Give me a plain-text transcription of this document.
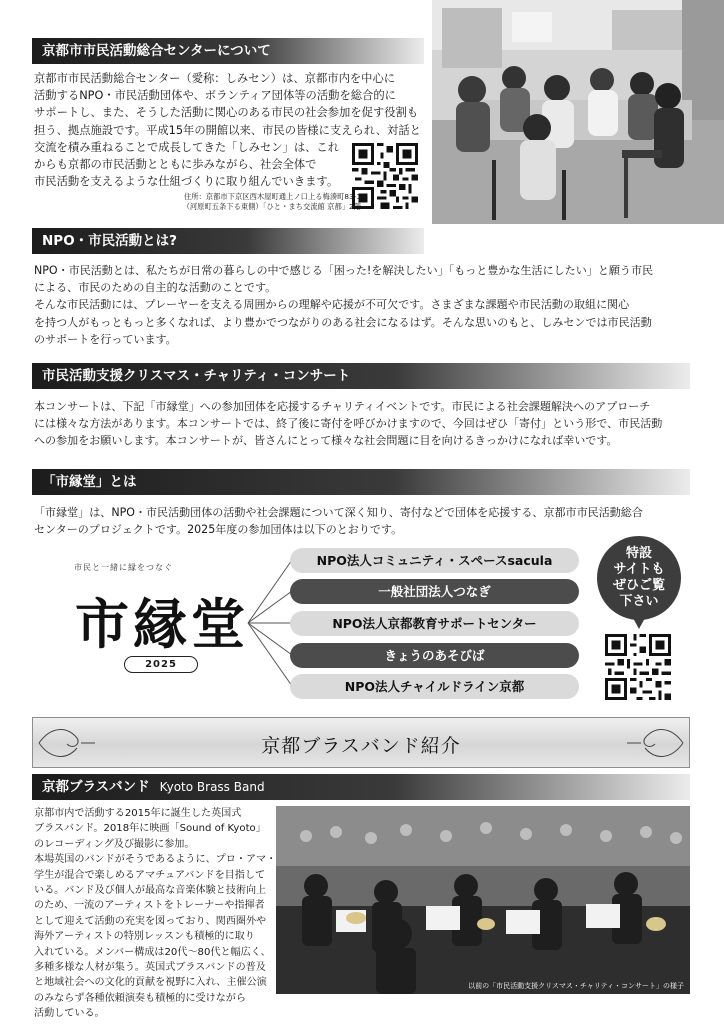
京都市市民活動総合センターについて

京都市市民活動総合センター（愛称：しみセン）は、京都市内を中心に

活動するNPO・市民活動団体や、ボランティア団体等の活動を総合的に

サポートし、また、そうした活動に関心のある市民の社会参加を促す役割も

担う、拠点施設です。平成15年の開館以来、市民の皆様に支えられ、対話と

交流を積み重ねることで成長してきた「しみセン」は、これ

からも京都の市民活動とともに歩みながら、社会全体で

市民活動を支えるような仕組づくりに取り組んでいきます。

住所：京都市下京区西木屋町通上ノ口上る梅湊町83-1

（河原町五条下る東側）「ひと・まち交流館 京都」2階

NPO・市民活動とは?

NPO・市民活動とは、私たちが日常の暮らしの中で感じる「困った!を解決したい」「もっと豊かな生活にしたい」と願う市民

による、市民のための自主的な活動のことです。

そんな市民活動には、プレーヤーを支える周囲からの理解や応援が不可欠です。さまざまな課題や市民活動の取組に関心

を持つ人がもっともっと多くなれば、より豊かでつながりのある社会になるはず。そんな思いのもと、しみセンでは市民活動

のサポートを行っています。

市民活動支援クリスマス・チャリティ・コンサート

本コンサートは、下記「市縁堂」への参加団体を応援するチャリティイベントです。市民による社会課題解決へのアプローチ

には様々な方法があります。本コンサートでは、終了後に寄付を呼びかけますので、今回はぜひ「寄付」という形で、市民活動

への参加をお願いします。本コンサートが、皆さんにとって様々な社会問題に目を向けるきっかけになれば幸いです。

「市縁堂」とは

「市縁堂」は、NPO・市民活動団体の活動や社会課題について深く知り、寄付などで団体を応援する、京都市市民活動総合

センターのプロジェクトです。2025年度の参加団体は以下のとおりです。

市民と一緒に縁をつなぐ
市縁堂
2025
NPO法人コミュニティ・スペースsacula
一般社団法人つなぎ
NPO法人京都教育サポートセンター
きょうのあそびば
NPO法人チャイルドライン京都
特設
サイトも
ぜひご覧
下さい
京都ブラスバンド紹介
京都ブラスバンド Kyoto Brass Band

京都市内で活動する2015年に誕生した英国式

ブラスバンド。2018年に映画「Sound of Kyoto」

のレコーディング及び撮影に参加。

本場英国のバンドがそうであるように、プロ・アマ・

学生が混合で楽しめるアマチュアバンドを目指して

いる。バンド及び個人が最高な音楽体験と技術向上

のため、一流のアーティストをトレーナーや指揮者

として迎えて活動の充実を図っており、関西圏外や

海外アーティストの特別レッスンも積極的に取り

入れている。メンバー構成は20代〜80代と幅広く、

多種多様な人材が集う。英国式ブラスバンドの普及

と地域社会への文化的貢献を視野に入れ、主催公演

のみならず各種依頼演奏も積極的に受けながら

活動している。

以前の「市民活動支援クリスマス・チャリティ・コンサート」の様子
